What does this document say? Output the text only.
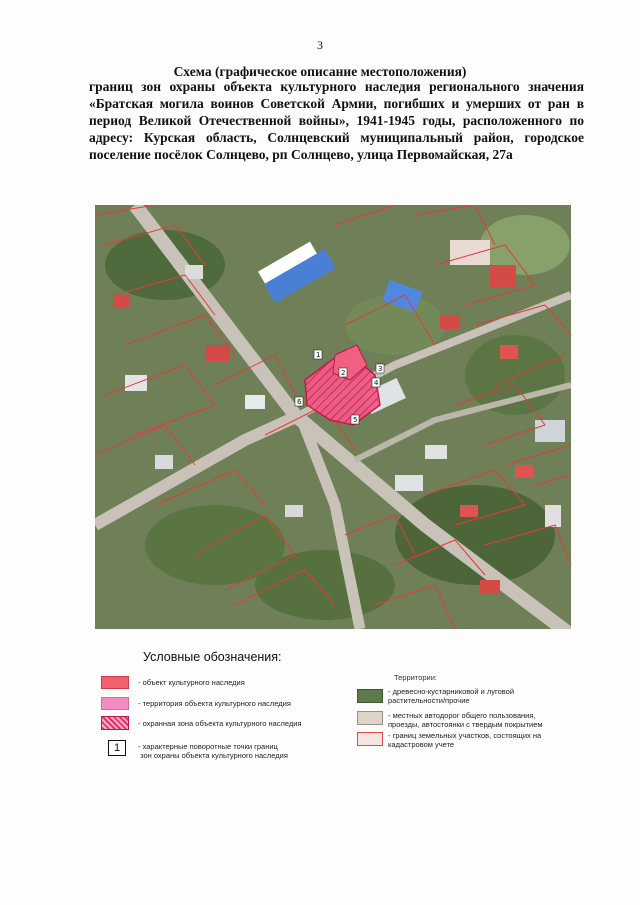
3
Схема (графическое описание местоположения)
границ зон охраны объекта культурного наследия регионального значения «Братская могила воинов Советской Армии, погибших и умерших от ран в период Великой Отечественной войны», 1941-1945 годы, расположенного по адресу: Курская область, Солнцевский муниципальный район, городское поселение посёлок Солнцево, рп Солнцево, улица Первомайская, 27а
1
2	3
4
5
6
Условные обозначения:
- объект культурного наследия
- территория объекта культурного наследия
- охранная зона объекта культурного наследия
1	- характерные поворотные точки границ
зон охраны объекта культурного наследия
Территории:
- древесно-кустарниковой и луговой
растительности/прочие
- местных автодорог общего пользования,
проезды, автостоянки с твердым покрытием
- границ земельных участков, состоящих на
кадастровом учете
